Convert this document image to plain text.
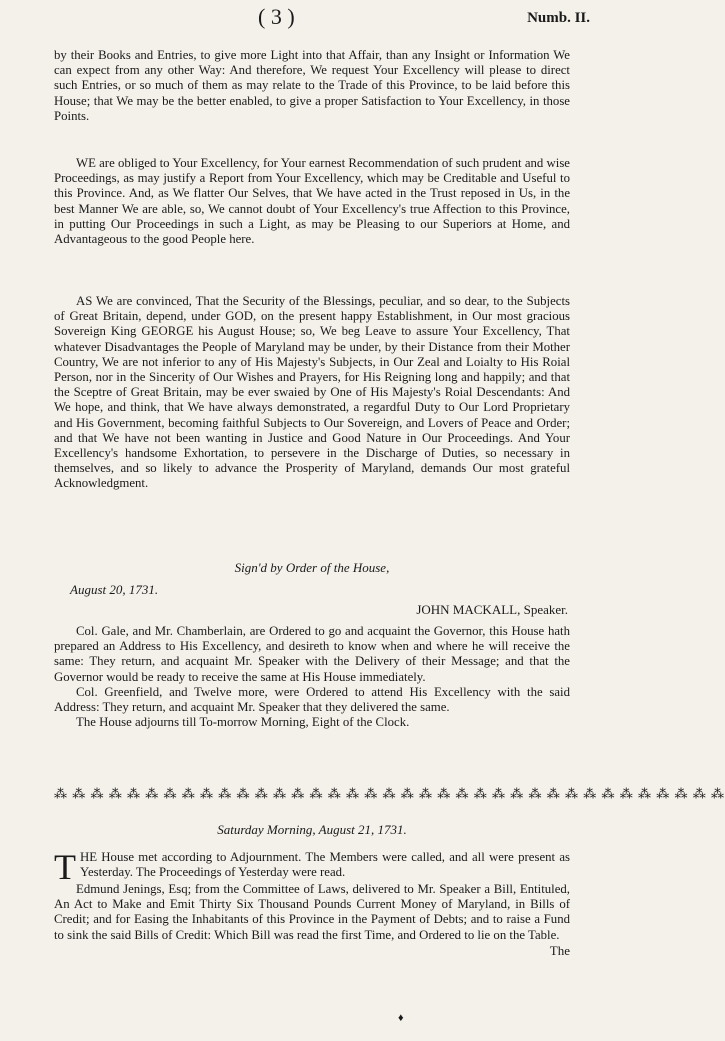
( 3 )	Numb. II.

by their Books and Entries, to give more Light into that Affair, than any Insight or Information We can expect from any other Way: And therefore, We request Your Excellency will please to direct such Entries, or so much of them as may relate to the Trade of this Province, to be laid before this House; that We may be the better enabled, to give a proper Satisfaction to Your Excellency, in those Points.

WE are obliged to Your Excellency, for Your earnest Recommendation of such prudent and wise Proceedings, as may justify a Report from Your Excellency, which may be Creditable and Useful to this Province. And, as We flatter Our Selves, that We have acted in the Trust reposed in Us, in the best Manner We are able, so, We cannot doubt of Your Excellency's true Affection to this Province, in putting Our Proceedings in such a Light, as may be Pleasing to our Superiors at Home, and Advantageous to the good People here.

AS We are convinced, That the Security of the Blessings, peculiar, and so dear, to the Subjects of Great Britain, depend, under GOD, on the present happy Establishment, in Our most gracious Sovereign King GEORGE his August House; so, We beg Leave to assure Your Excellency, That whatever Disadvantages the People of Maryland may be under, by their Distance from their Mother Country, We are not inferior to any of His Majesty's Subjects, in Our Zeal and Loialty to His Roial Person, nor in the Sincerity of Our Wishes and Prayers, for His Reigning long and happily; and that the Sceptre of Great Britain, may be ever swaied by One of His Majesty's Roial Descendants: And We hope, and think, that We have always demonstrated, a regardful Duty to Our Lord Proprietary and His Government, becoming faithful Subjects to Our Sovereign, and Lovers of Peace and Order; and that We have not been wanting in Justice and Good Nature in Our Proceedings. And Your Excellency's handsome Exhortation, to persevere in the Discharge of Duties, so necessary in themselves, and so likely to advance the Prosperity of Maryland, demands Our most grateful Acknowledgment.

Sign'd by Order of the House,
August 20, 1731.
JOHN MACKALL, Speaker.

Col. Gale, and Mr. Chamberlain, are Ordered to go and acquaint the Governor, this House hath prepared an Address to His Excellency, and desireth to know when and where he will receive the same: They return, and acquaint Mr. Speaker with the Delivery of their Message; and that the Governor would be ready to receive the same at His House immediately.

Col. Greenfield, and Twelve more, were Ordered to attend His Excellency with the said Address: They return, and acquaint Mr. Speaker that they delivered the same.

The House adjourns till To-morrow Morning, Eight of the Clock.

⁂ ⁂ ⁂ ⁂ ⁂ ⁂ ⁂ ⁂ ⁂ ⁂ ⁂ ⁂ ⁂ ⁂ ⁂ ⁂ ⁂ ⁂ ⁂ ⁂ ⁂ ⁂ ⁂ ⁂ ⁂ ⁂ ⁂ ⁂ ⁂ ⁂ ⁂ ⁂ ⁂ ⁂ ⁂ ⁂ ⁂
Saturday Morning, August 21, 1731.

THE House met according to Adjournment. The Members were called, and all were present as Yesterday. The Proceedings of Yesterday were read.

Edmund Jenings, Esq; from the Committee of Laws, delivered to Mr. Speaker a Bill, Entituled, An Act to Make and Emit Thirty Six Thousand Pounds Current Money of Maryland, in Bills of Credit; and for Easing the Inhabitants of this Province in the Payment of Debts; and to raise a Fund to sink the said Bills of Credit: Which Bill was read the first Time, and Ordered to lie on the Table.

The
♦
